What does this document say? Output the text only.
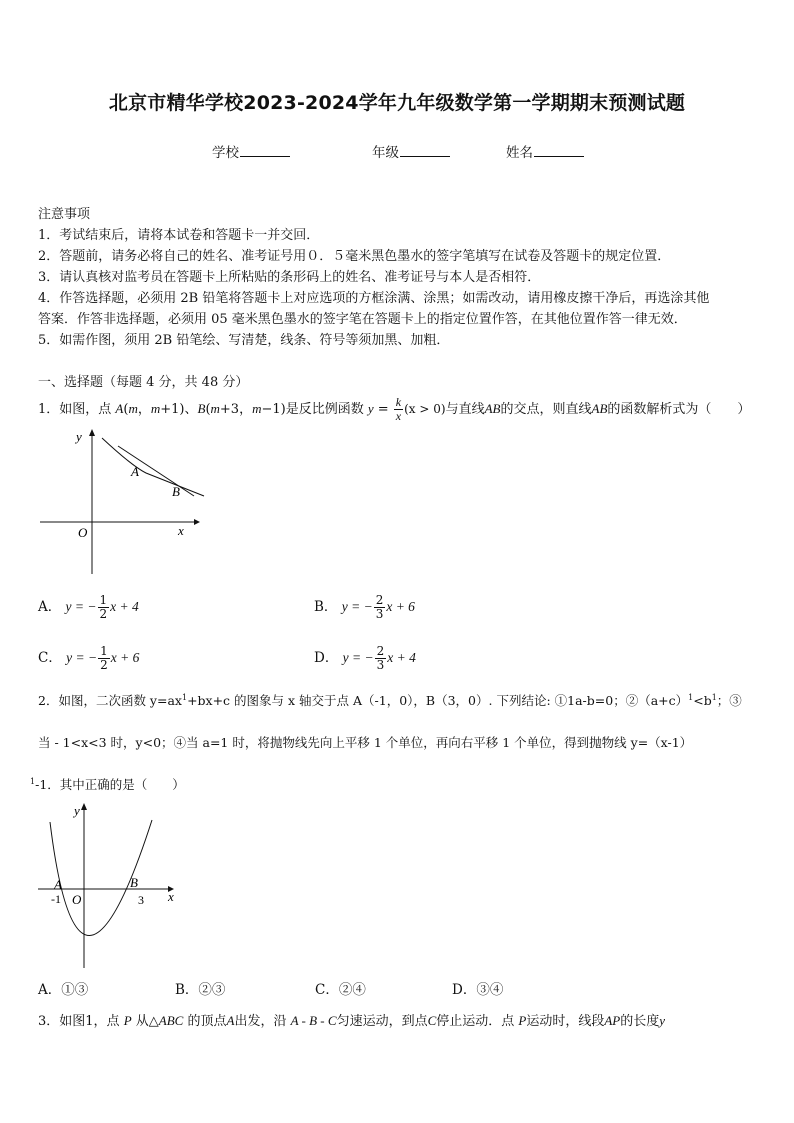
北京市精华学校2023-2024学年九年级数学第一学期期末预测试题
学校	年级	姓名
注意事项
1．考试结束后，请将本试卷和答题卡一并交回．
2．答题前，请务必将自己的姓名、准考证号用０．５毫米黑色墨水的签字笔填写在试卷及答题卡的规定位置．
3．请认真核对监考员在答题卡上所粘贴的条形码上的姓名、准考证号与本人是否相符．
4．作答选择题，必须用 2B 铅笔将答题卡上对应选项的方框涂满、涂黑；如需改动，请用橡皮擦干净后，再选涂其他
答案．作答非选择题，必须用 05 毫米黑色墨水的签字笔在答题卡上的指定位置作答，在其他位置作答一律无效．
5．如需作图，须用 2B 铅笔绘、写清楚，线条、符号等须加黑、加粗．
一、选择题（每题 4 分，共 48 分）
1．如图，点 A(m，m+1)、B(m+3，m−1)是反比例函数 $y = \frac{k}{x} (x > 0)$与直线AB的交点，则直线AB的函数解析式为（　　）
y
x
O
A
B
A． y = − $\frac{1}{2}$ x + 4	B． y = − $\frac{2}{3}$ x + 6
C． y = − $\frac{1}{2}$ x + 6	D． y = − $\frac{2}{3}$ x + 4
2．如图，二次函数 $y=ax^1+bx+c$ 的图象与 x 轴交于点 A（-1，0），B（3，0）. 下列结论: ①1a-b=0；$②(a+c)^1<b^1$；③
当 - 1<x<3 时，y<0；④当 a=1 时，将抛物线先向上平移 1 个单位，再向右平移 1 个单位，得到抛物线 y=（x-1）
$^1$-1．其中正确的是（　　）
y
x
O
A	B
-1	3
A．①③	B．②③	C．②④	D．③④
3．如图1，点 P 从△ABC 的顶点A出发，沿 A - B - C匀速运动，到点C停止运动．点 P运动时，线段AP的长度y
